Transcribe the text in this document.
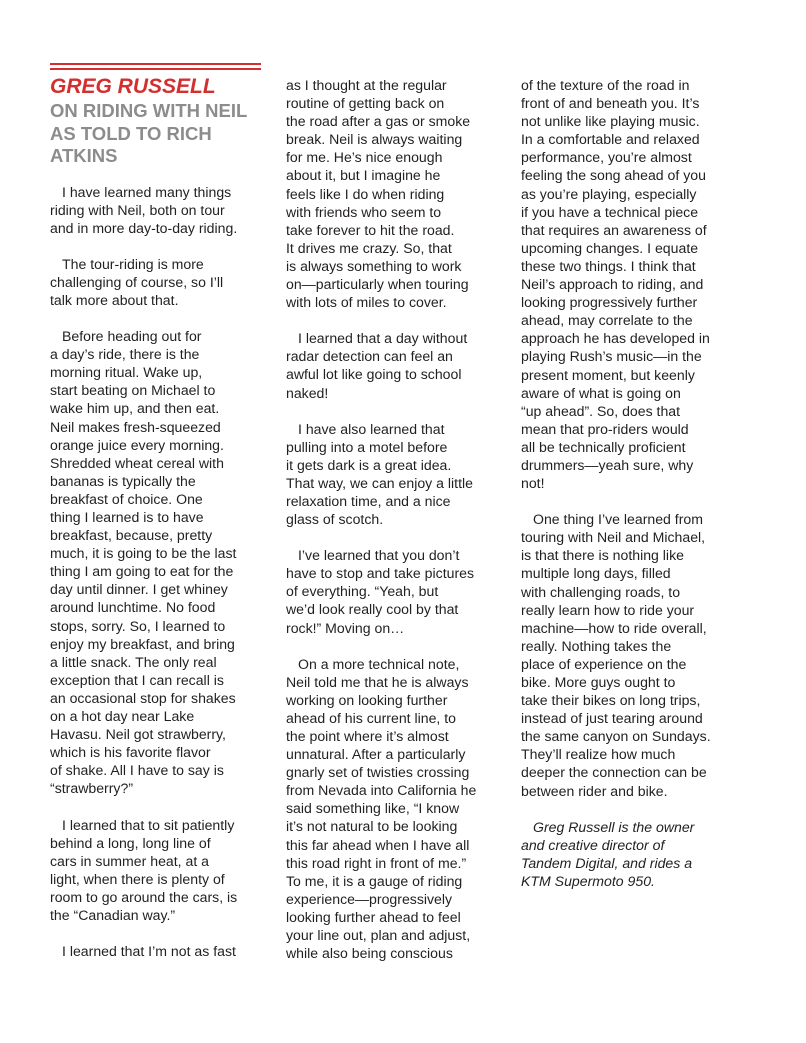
GREG RUSSELL
ON RIDING WITH NEIL
AS TOLD TO RICH
ATKINS

I have learned many things
riding with Neil, both on tour
and in more day-to-day riding.

The tour-riding is more
challenging of course, so I’ll
talk more about that.

Before heading out for
a day’s ride, there is the
morning ritual. Wake up,
start beating on Michael to
wake him up, and then eat.
Neil makes fresh-squeezed
orange juice every morning.
Shredded wheat cereal with
bananas is typically the
breakfast of choice. One
thing I learned is to have
breakfast, because, pretty
much, it is going to be the last
thing I am going to eat for the
day until dinner. I get whiney
around lunchtime. No food
stops, sorry. So, I learned to
enjoy my breakfast, and bring
a little snack. The only real
exception that I can recall is
an occasional stop for shakes
on a hot day near Lake
Havasu. Neil got strawberry,
which is his favorite flavor
of shake. All I have to say is
“strawberry?”

I learned that to sit patiently
behind a long, long line of
cars in summer heat, at a
light, when there is plenty of
room to go around the cars, is
the “Canadian way.”

I learned that I’m not as fast

as I thought at the regular
routine of getting back on
the road after a gas or smoke
break. Neil is always waiting
for me. He’s nice enough
about it, but I imagine he
feels like I do when riding
with friends who seem to
take forever to hit the road.
It drives me crazy. So, that
is always something to work
on—particularly when touring
with lots of miles to cover.

I learned that a day without
radar detection can feel an
awful lot like going to school
naked!

I have also learned that
pulling into a motel before
it gets dark is a great idea.
That way, we can enjoy a little
relaxation time, and a nice
glass of scotch.

I’ve learned that you don’t
have to stop and take pictures
of everything. “Yeah, but
we’d look really cool by that
rock!” Moving on…

On a more technical note,
Neil told me that he is always
working on looking further
ahead of his current line, to
the point where it’s almost
unnatural. After a particularly
gnarly set of twisties crossing
from Nevada into California he
said something like, “I know
it’s not natural to be looking
this far ahead when I have all
this road right in front of me.”
To me, it is a gauge of riding
experience—progressively
looking further ahead to feel
your line out, plan and adjust,
while also being conscious

of the texture of the road in
front of and beneath you. It’s
not unlike like playing music.
In a comfortable and relaxed
performance, you’re almost
feeling the song ahead of you
as you’re playing, especially
if you have a technical piece
that requires an awareness of
upcoming changes. I equate
these two things. I think that
Neil’s approach to riding, and
looking progressively further
ahead, may correlate to the
approach he has developed in
playing Rush’s music—in the
present moment, but keenly
aware of what is going on
“up ahead”. So, does that
mean that pro-riders would
all be technically proficient
drummers—yeah sure, why
not!

One thing I’ve learned from
touring with Neil and Michael,
is that there is nothing like
multiple long days, filled
with challenging roads, to
really learn how to ride your
machine—how to ride overall,
really. Nothing takes the
place of experience on the
bike. More guys ought to
take their bikes on long trips,
instead of just tearing around
the same canyon on Sundays.
They’ll realize how much
deeper the connection can be
between rider and bike.

Greg Russell is the owner
and creative director of
Tandem Digital, and rides a
KTM Supermoto 950.
